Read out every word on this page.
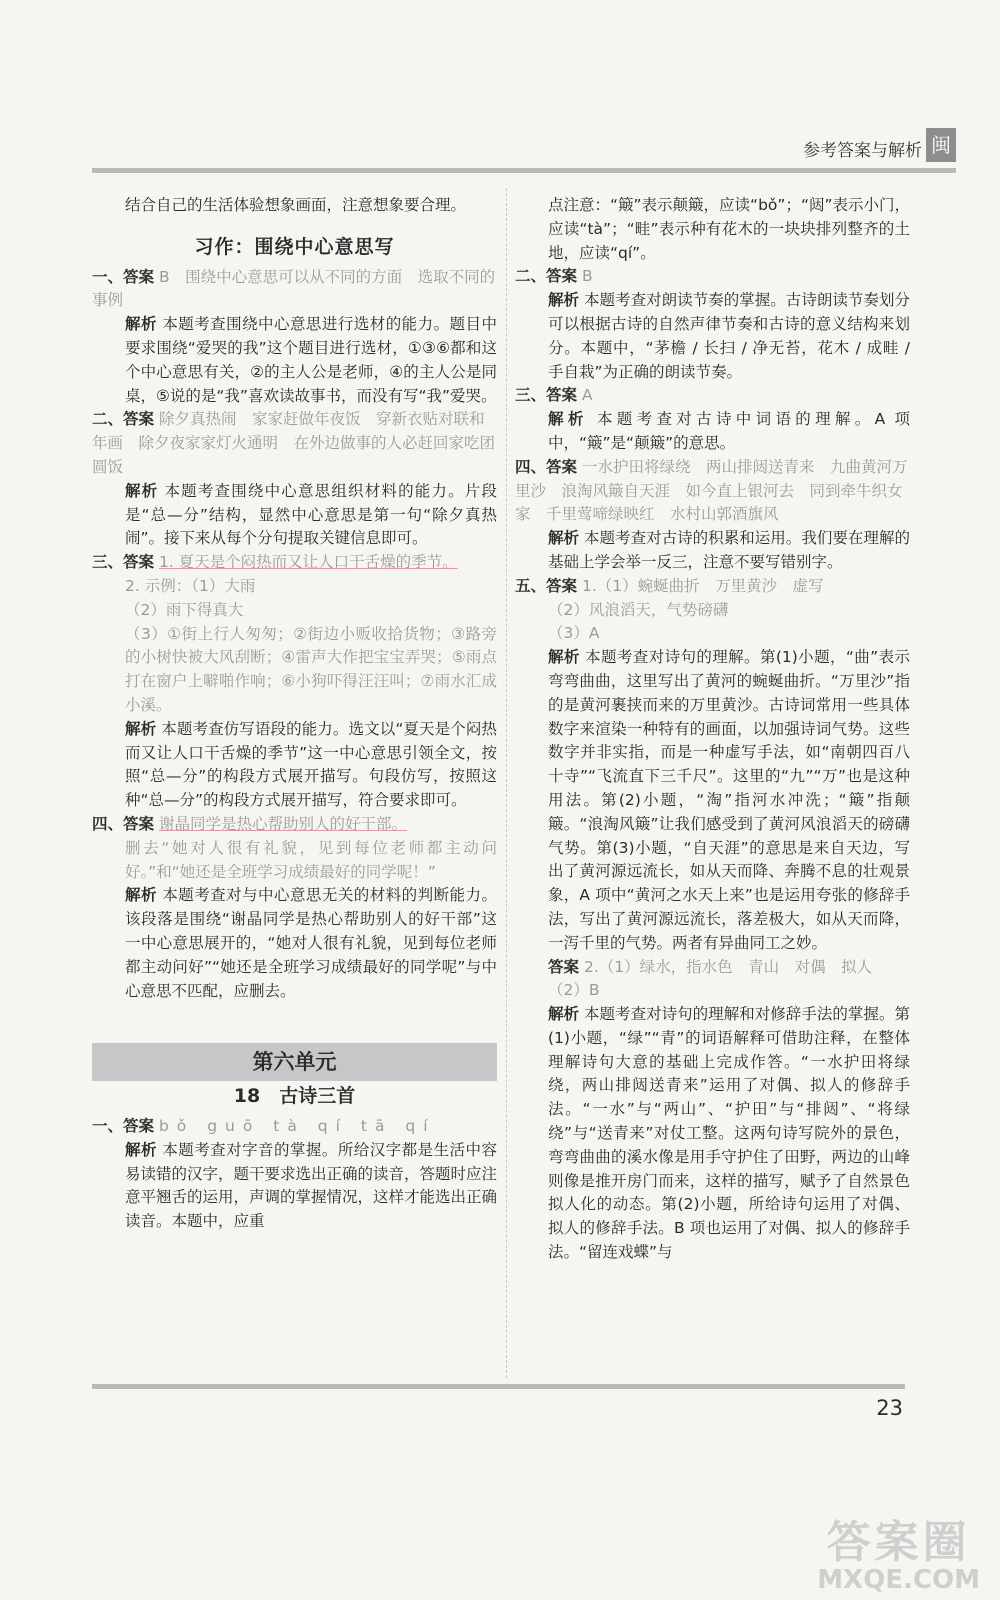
参考答案与解析 闽

结合自己的生活体验想象画面，注意想象要合理。

习作：围绕中心意思写

一、答案 B　围绕中心意思可以从不同的方面　选取不同的事例

解析 本题考查围绕中心意思进行选材的能力。题目中要求围绕“爱哭的我”这个题目进行选材，①③⑥都和这个中心意思有关，②的主人公是老师，④的主人公是同桌，⑤说的是“我”喜欢读故事书，而没有写“我”爱哭。

二、答案 除夕真热闹　家家赶做年夜饭　穿新衣贴对联和年画　除夕夜家家灯火通明　在外边做事的人必赶回家吃团圆饭

解析 本题考查围绕中心意思组织材料的能力。片段是“总—分”结构，显然中心意思是第一句“除夕真热闹”。接下来从每个分句提取关键信息即可。

三、答案 1. 夏天是个闷热而又让人口干舌燥的季节。

2. 示例：（1）大雨

（2）雨下得真大

（3）①街上行人匆匆；②街边小贩收拾货物；③路旁的小树快被大风刮断；④雷声大作把宝宝弄哭；⑤雨点打在窗户上噼啪作响；⑥小狗吓得汪汪叫；⑦雨水汇成小溪。

解析 本题考查仿写语段的能力。选文以“夏天是个闷热而又让人口干舌燥的季节”这一中心意思引领全文，按照“总—分”的构段方式展开描写。句段仿写，按照这种“总—分”的构段方式展开描写，符合要求即可。

四、答案 谢晶同学是热心帮助别人的好干部。

删去“她对人很有礼貌，见到每位老师都主动问好。”和“她还是全班学习成绩最好的同学呢！”

解析 本题考查对与中心意思无关的材料的判断能力。该段落是围绕“谢晶同学是热心帮助别人的好干部”这一中心意思展开的，“她对人很有礼貌，见到每位老师都主动问好”“她还是全班学习成绩最好的同学呢”与中心意思不匹配，应删去。

第六单元
18　古诗三首

一、答案 bǒ guō tà qí tā qí

解析 本题考查对字音的掌握。所给汉字都是生活中容易读错的汉字，题干要求选出正确的读音，答题时应注意平翘舌的运用，声调的掌握情况，这样才能选出正确读音。本题中，应重

点注意：“簸”表示颠簸，应读“bǒ”；“闼”表示小门，应读“tà”；“畦”表示种有花木的一块块排列整齐的土地，应读“qí”。

二、答案 B

解析 本题考查对朗读节奏的掌握。古诗朗读节奏划分可以根据古诗的自然声律节奏和古诗的意义结构来划分。本题中，“茅檐 / 长扫 / 净无苔，花木 / 成畦 / 手自栽”为正确的朗读节奏。

三、答案 A

解析 本题考查对古诗中词语的理解。A 项中，“簸”是“颠簸”的意思。

四、答案 一水护田将绿绕　两山排闼送青来　九曲黄河万里沙　浪淘风簸自天涯　如今直上银河去　同到牵牛织女家　千里莺啼绿映红　水村山郭酒旗风

解析 本题考查对古诗的积累和运用。我们要在理解的基础上学会举一反三，注意不要写错别字。

五、答案 1.（1）蜿蜒曲折　万里黄沙　虚写

（2）风浪滔天，气势磅礴

（3）A

解析 本题考查对诗句的理解。第(1)小题，“曲”表示弯弯曲曲，这里写出了黄河的蜿蜒曲折。“万里沙”指的是黄河裹挟而来的万里黄沙。古诗词常用一些具体数字来渲染一种特有的画面，以加强诗词气势。这些数字并非实指，而是一种虚写手法，如“南朝四百八十寺”“飞流直下三千尺”。这里的“九”“万”也是这种用法。第(2)小题，“淘”指河水冲洗；“簸”指颠簸。“浪淘风簸”让我们感受到了黄河风浪滔天的磅礴气势。第(3)小题，“自天涯”的意思是来自天边，写出了黄河源远流长，如从天而降、奔腾不息的壮观景象，A 项中“黄河之水天上来”也是运用夸张的修辞手法，写出了黄河源远流长，落差极大，如从天而降，一泻千里的气势。两者有异曲同工之妙。

答案 2.（1）绿水，指水色　青山　对偶　拟人

（2）B

解析 本题考查对诗句的理解和对修辞手法的掌握。第(1)小题，“绿”“青”的词语解释可借助注释，在整体理解诗句大意的基础上完成作答。“一水护田将绿绕，两山排闼送青来”运用了对偶、拟人的修辞手法。“一水”与“两山”、“护田”与“排闼”、“将绿绕”与“送青来”对仗工整。这两句诗写院外的景色，弯弯曲曲的溪水像是用手守护住了田野，两边的山峰则像是推开房门而来，这样的描写，赋予了自然景色拟人化的动态。第(2)小题，所给诗句运用了对偶、拟人的修辞手法。B 项也运用了对偶、拟人的修辞手法。“留连戏蝶”与

23
答案圈
MXQE.COM
